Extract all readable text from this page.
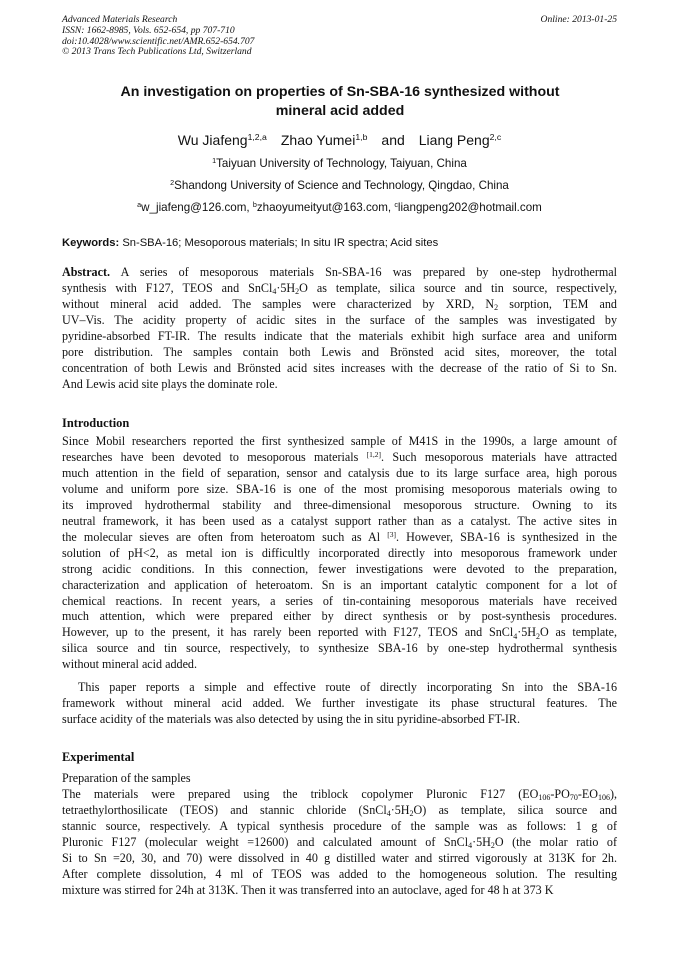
Advanced Materials Research
ISSN: 1662-8985, Vols. 652-654, pp 707-710
doi:10.4028/www.scientific.net/AMR.652-654.707
© 2013 Trans Tech Publications Ltd, Switzerland
Online: 2013-01-25
An investigation on properties of Sn-SBA-16 synthesized without
mineral acid added
Wu Jiafeng$^{1,2,a}$ Zhao Yumei$^{1,b}$ and Liang Peng$^{2,c}$
$^1$Taiyuan University of Technology, Taiyuan, China
$^2$Shandong University of Science and Technology, Qingdao, China
$^a$w_jiafeng@126.com, $^b$zhaoyumeityut@163.com, $^c$liangpeng202@hotmail.com
Keywords: Sn-SBA-16; Mesoporous materials; In situ IR spectra; Acid sites
Abstract. A series of mesoporous materials Sn-SBA-16 was prepared by one-step hydrothermal
synthesis with F127, TEOS and $SnCl_4\cdot 5H_2O$ as template, silica source and tin source, respectively,
without mineral acid added. The samples were characterized by XRD, $N_2$ sorption, TEM and
UV–Vis. The acidity property of acidic sites in the surface of the samples was investigated by
pyridine-absorbed FT-IR. The results indicate that the materials exhibit high surface area and uniform
pore distribution. The samples contain both Lewis and Brönsted acid sites, moreover, the total
concentration of both Lewis and Brönsted acid sites increases with the decrease of the ratio of Si to Sn.
And Lewis acid site plays the dominate role.
Introduction
Since Mobil researchers reported the first synthesized sample of M41S in the 1990s, a large amount of
researches have been devoted to mesoporous materials [1,2]. Such mesoporous materials have attracted
much attention in the field of separation, sensor and catalysis due to its large surface area, high porous
volume and uniform pore size. SBA-16 is one of the most promising mesoporous materials owing to
its improved hydrothermal stability and three-dimensional mesoporous structure. Owning to its
neutral framework, it has been used as a catalyst support rather than as a catalyst. The active sites in
the molecular sieves are often from heteroatom such as Al [3]. However, SBA-16 is synthesized in the
solution of pH<2, as metal ion is difficultly incorporated directly into mesoporous framework under
strong acidic conditions. In this connection, fewer investigations were devoted to the preparation,
characterization and application of heteroatom. Sn is an important catalytic component for a lot of
chemical reactions. In recent years, a series of tin-containing mesoporous materials have received
much attention, which were prepared either by direct synthesis or by post-synthesis procedures.
However, up to the present, it has rarely been reported with F127, TEOS and $SnCl_4\cdot 5H_2O$ as template,
silica source and tin source, respectively, to synthesize SBA-16 by one-step hydrothermal synthesis
without mineral acid added.
This paper reports a simple and effective route of directly incorporating Sn into the SBA-16
framework without mineral acid added. We further investigate its phase structural features. The
surface acidity of the materials was also detected by using the in situ pyridine-absorbed FT-IR.
Experimental
Preparation of the samples
The materials were prepared using the triblock copolymer Pluronic F127 $(EO_{106}-PO_{70}-EO_{106})$,
tetraethylorthosilicate (TEOS) and stannic chloride $(SnCl_4\cdot 5H_2O)$ as template, silica source and
stannic source, respectively. A typical synthesis procedure of the sample was as follows: 1 g of
Pluronic F127 (molecular weight =12600) and calculated amount of $SnCl_4\cdot 5H_2O$ (the molar ratio of
Si to Sn =20, 30, and 70) were dissolved in 40 g distilled water and stirred vigorously at 313K for 2h.
After complete dissolution, 4 ml of TEOS was added to the homogeneous solution. The resulting
mixture was stirred for 24h at 313K. Then it was transferred into an autoclave, aged for 48 h at 373 K
